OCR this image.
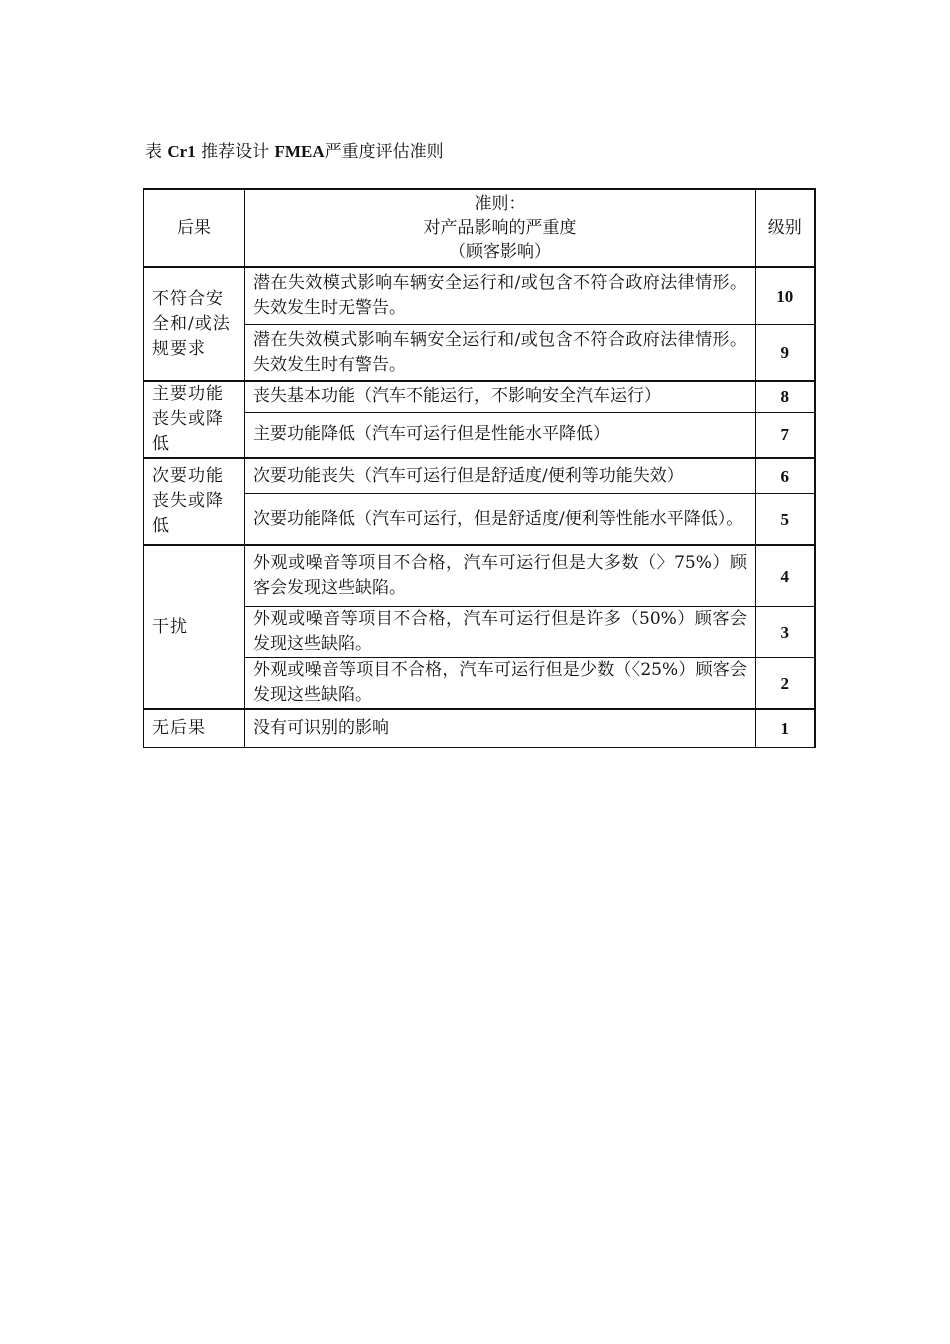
表 Cr1 推荐设计 FMEA严重度评估准则
后果	准则：
对产品影响的严重度
（顾客影响）	级别
不符合安全和/或法规要求	潜在失效模式影响车辆安全运行和/或包含不符合政府法律情形。失效发生时无警告。	10
	潜在失效模式影响车辆安全运行和/或包含不符合政府法律情形。失效发生时有警告。	9
主要功能丧失或降低	丧失基本功能（汽车不能运行，不影响安全汽车运行）	8
	主要功能降低（汽车可运行但是性能水平降低）	7
次要功能丧失或降低	次要功能丧失（汽车可运行但是舒适度/便利等功能失效）	6
	次要功能降低（汽车可运行，但是舒适度/便利等性能水平降低）。	5
干扰	外观或噪音等项目不合格，汽车可运行但是大多数（〉75%）顾客会发现这些缺陷。	4
	外观或噪音等项目不合格，汽车可运行但是许多（50%）顾客会发现这些缺陷。	3
	外观或噪音等项目不合格，汽车可运行但是少数（〈25%）顾客会发现这些缺陷。	2
无后果	没有可识别的影响	1
